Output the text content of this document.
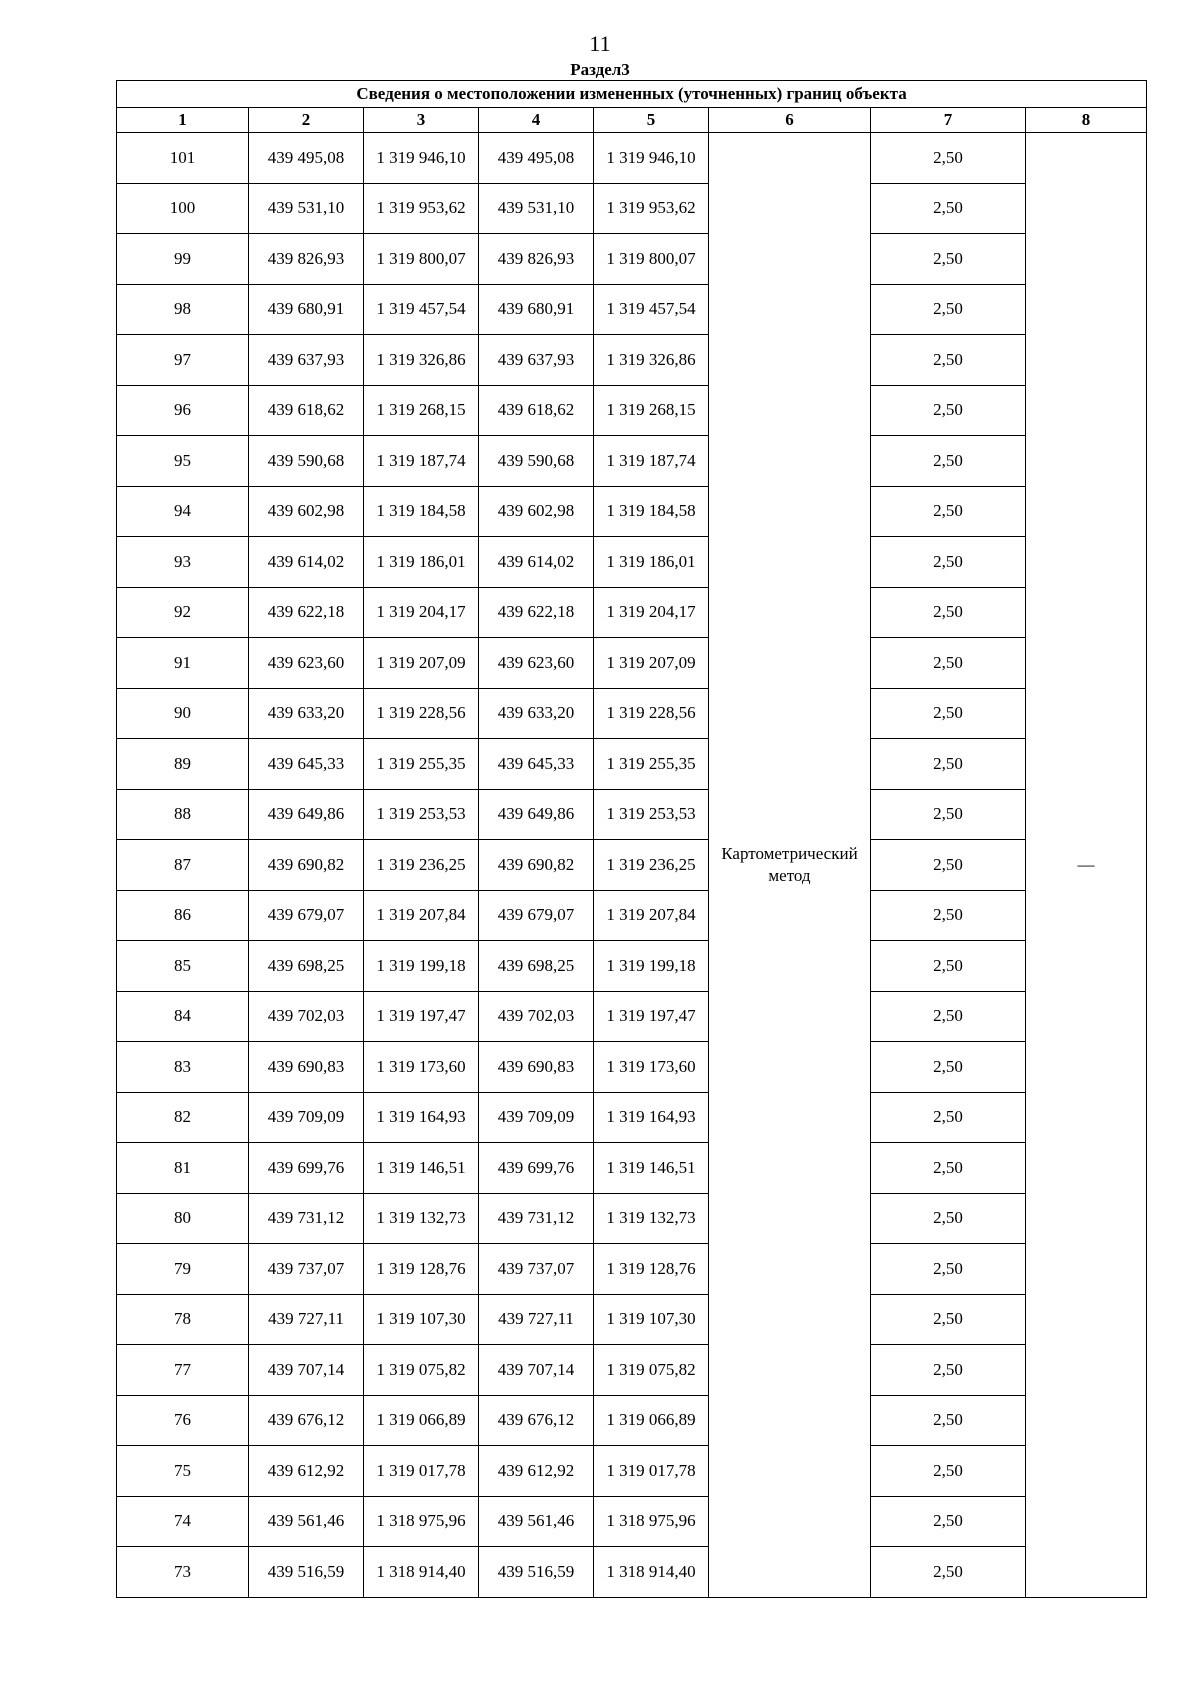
11
Раздел3
Сведения о местоположении измененных (уточненных) границ объекта							
1	2	3	4	5	6	7	8
101	439 495,08	1 319 946,10	439 495,08	1 319 946,10	Картометрический метод	2,50	—
100	439 531,10	1 319 953,62	439 531,10	1 319 953,62		2,50	
99	439 826,93	1 319 800,07	439 826,93	1 319 800,07		2,50	
98	439 680,91	1 319 457,54	439 680,91	1 319 457,54		2,50	
97	439 637,93	1 319 326,86	439 637,93	1 319 326,86		2,50	
96	439 618,62	1 319 268,15	439 618,62	1 319 268,15		2,50	
95	439 590,68	1 319 187,74	439 590,68	1 319 187,74		2,50	
94	439 602,98	1 319 184,58	439 602,98	1 319 184,58		2,50	
93	439 614,02	1 319 186,01	439 614,02	1 319 186,01		2,50	
92	439 622,18	1 319 204,17	439 622,18	1 319 204,17		2,50	
91	439 623,60	1 319 207,09	439 623,60	1 319 207,09		2,50	
90	439 633,20	1 319 228,56	439 633,20	1 319 228,56		2,50	
89	439 645,33	1 319 255,35	439 645,33	1 319 255,35		2,50	
88	439 649,86	1 319 253,53	439 649,86	1 319 253,53		2,50	
87	439 690,82	1 319 236,25	439 690,82	1 319 236,25		2,50	
86	439 679,07	1 319 207,84	439 679,07	1 319 207,84		2,50	
85	439 698,25	1 319 199,18	439 698,25	1 319 199,18		2,50	
84	439 702,03	1 319 197,47	439 702,03	1 319 197,47		2,50	
83	439 690,83	1 319 173,60	439 690,83	1 319 173,60		2,50	
82	439 709,09	1 319 164,93	439 709,09	1 319 164,93		2,50	
81	439 699,76	1 319 146,51	439 699,76	1 319 146,51		2,50	
80	439 731,12	1 319 132,73	439 731,12	1 319 132,73		2,50	
79	439 737,07	1 319 128,76	439 737,07	1 319 128,76		2,50	
78	439 727,11	1 319 107,30	439 727,11	1 319 107,30		2,50	
77	439 707,14	1 319 075,82	439 707,14	1 319 075,82		2,50	
76	439 676,12	1 319 066,89	439 676,12	1 319 066,89		2,50	
75	439 612,92	1 319 017,78	439 612,92	1 319 017,78		2,50	
74	439 561,46	1 318 975,96	439 561,46	1 318 975,96		2,50	
73	439 516,59	1 318 914,40	439 516,59	1 318 914,40		2,50	
